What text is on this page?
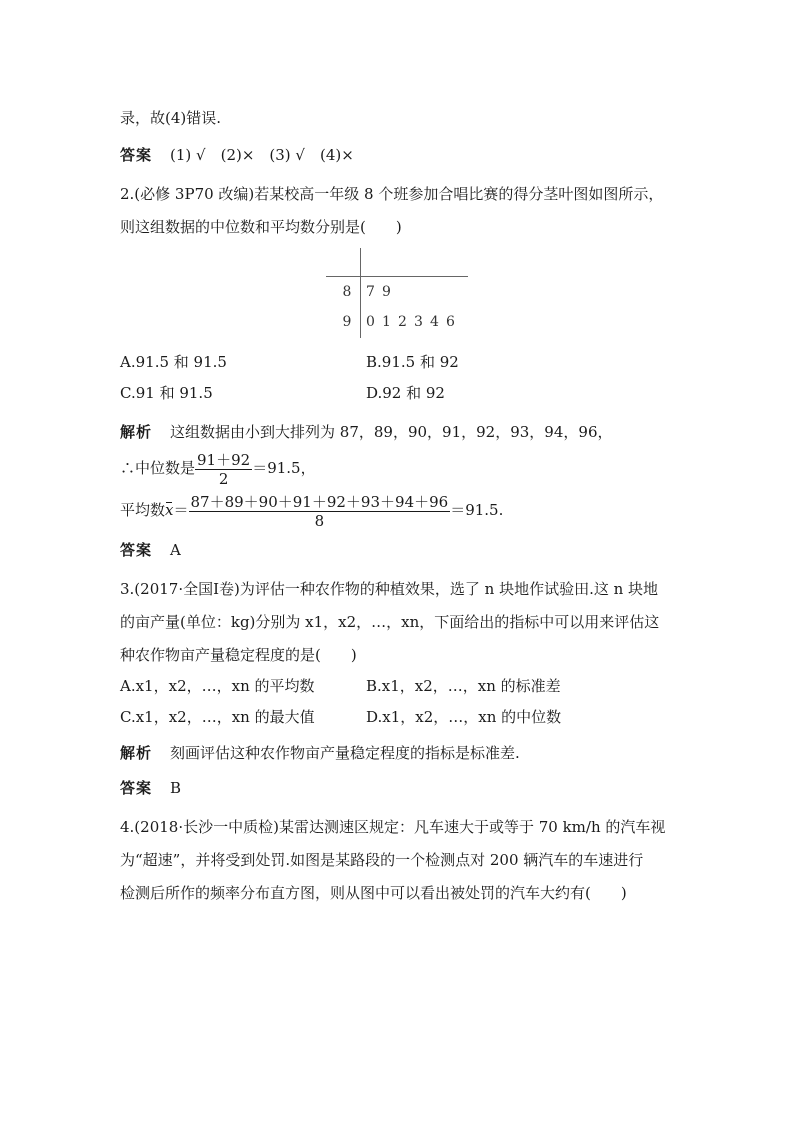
录，故(4)错误.
答案 (1) √　(2)×　(3) √　(4)×
2.(必修 3P70 改编)若某校高一年级 8 个班参加合唱比赛的得分茎叶图如图所示，
则这组数据的中位数和平均数分别是(　　)
8	7 9
9	0 1 2 3 4 6
A.91.5 和 91.5	B.91.5 和 92
C.91 和 91.5	D.92 和 92
解析 这组数据由小到大排列为 87，89，90，91，92，93，94，96，
∴中位数是 $\frac{91+92}{2} =91.5$，
平均数$x= \frac{87+89+90+91+92+93+94+96}{8} =91.5$.
答案 A
3.(2017·全国Ⅰ卷)为评估一种农作物的种植效果，选了 n 块地作试验田.这 n 块地
的亩产量(单位：kg)分别为 x1，x2，…，xn，下面给出的指标中可以用来评估这
种农作物亩产量稳定程度的是(　　)
A.x1，x2，…，xn 的平均数	B.x1，x2，…，xn 的标准差
C.x1，x2，…，xn 的最大值	D.x1，x2，…，xn 的中位数
解析 刻画评估这种农作物亩产量稳定程度的指标是标准差.
答案 B
4.(2018·长沙一中质检)某雷达测速区规定：凡车速大于或等于 70 km/h 的汽车视
为“超速”，并将受到处罚.如图是某路段的一个检测点对 200 辆汽车的车速进行
检测后所作的频率分布直方图，则从图中可以看出被处罚的汽车大约有(　　)
